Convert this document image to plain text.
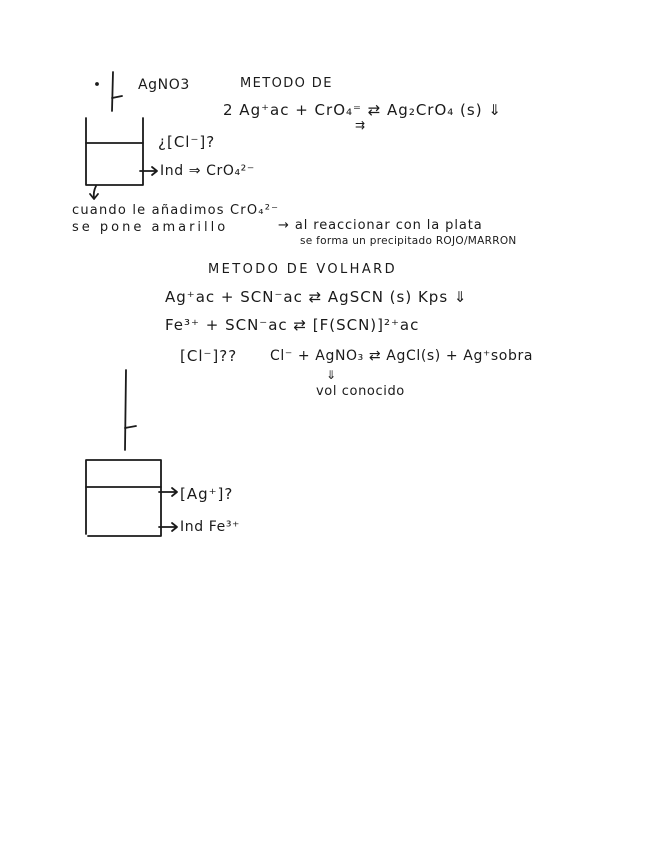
AgNO3	METODO DE
2 Ag⁺ac + CrO₄⁼ ⇄ Ag₂CrO₄ (s) ⇓
⇉
¿[Cl⁻]?
Ind ⇒ CrO₄²⁻
cuando le añadimos CrO₄²⁻
se pone amarillo	→ al reaccionar con la plata
se forma un precipitado ROJO/MARRON
METODO DE VOLHARD
Ag⁺ac + SCN⁻ac ⇄ AgSCN (s) Kps ⇓
Fe³⁺ + SCN⁻ac ⇄ [F(SCN)]²⁺ac
[Cl⁻]?? Cl⁻ + AgNO₃ ⇄ AgCl(s) + Ag⁺sobra
⇓
vol conocido
[Ag⁺]?
Ind Fe³⁺
